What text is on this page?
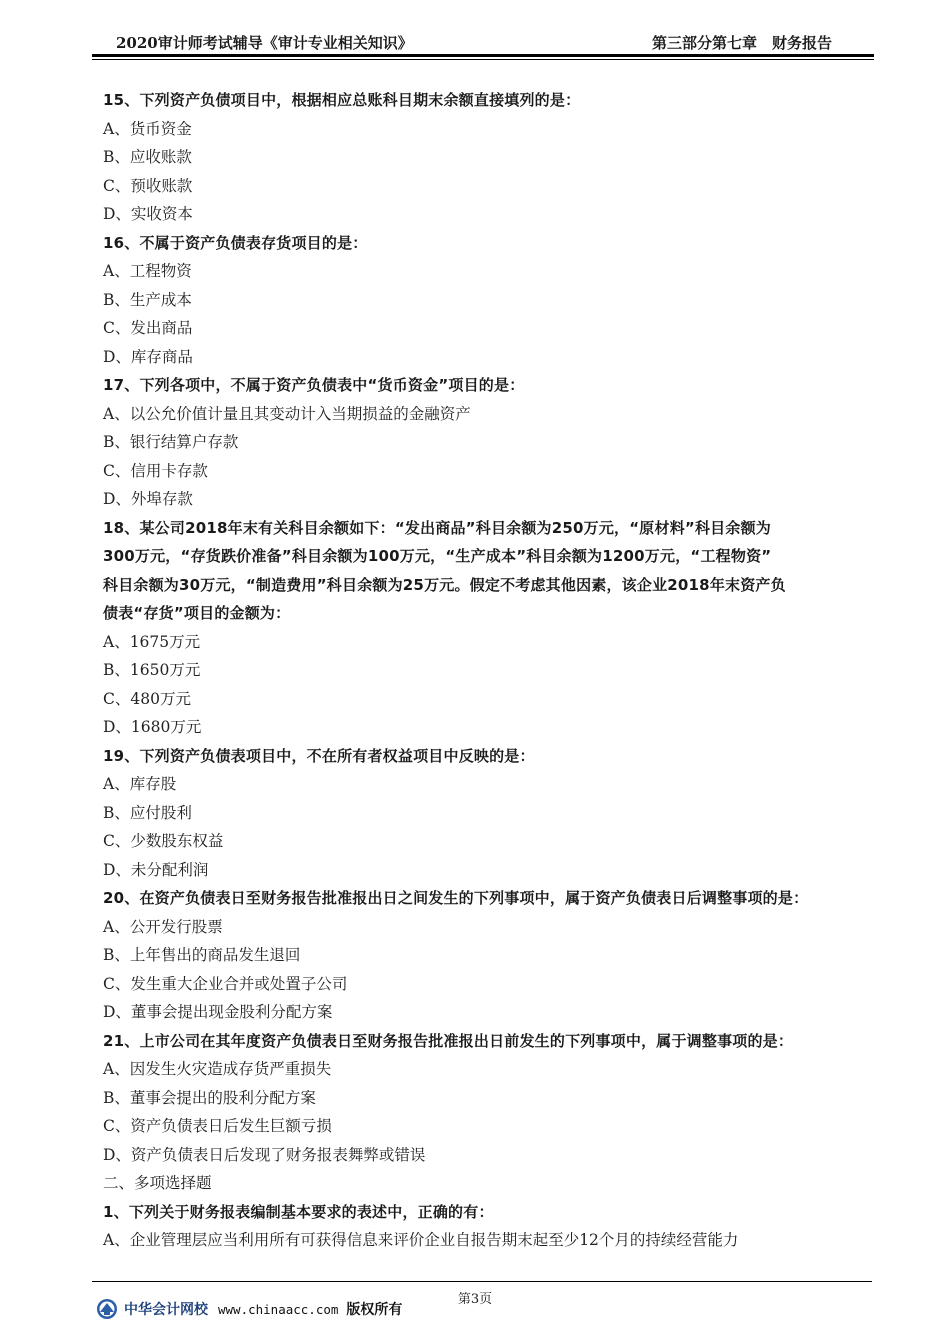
2020审计师考试辅导《审计专业相关知识》	第三部分第七章　财务报告
15、下列资产负债项目中，根据相应总账科目期末余额直接填列的是：
A、货币资金
B、应收账款
C、预收账款
D、实收资本
16、不属于资产负债表存货项目的是：
A、工程物资
B、生产成本
C、发出商品
D、库存商品
17、下列各项中，不属于资产负债表中“货币资金”项目的是：
A、以公允价值计量且其变动计入当期损益的金融资产
B、银行结算户存款
C、信用卡存款
D、外埠存款
18、某公司2018年末有关科目余额如下：“发出商品”科目余额为250万元，“原材料”科目余额为
300万元，“存货跌价准备”科目余额为100万元，“生产成本”科目余额为1200万元，“工程物资”
科目余额为30万元，“制造费用”科目余额为25万元。假定不考虑其他因素，该企业2018年末资产负
债表“存货”项目的金额为：
A、1675万元
B、1650万元
C、480万元
D、1680万元
19、下列资产负债表项目中，不在所有者权益项目中反映的是：
A、库存股
B、应付股利
C、少数股东权益
D、未分配利润
20、在资产负债表日至财务报告批准报出日之间发生的下列事项中，属于资产负债表日后调整事项的是：
A、公开发行股票
B、上年售出的商品发生退回
C、发生重大企业合并或处置子公司
D、董事会提出现金股利分配方案
21、上市公司在其年度资产负债表日至财务报告批准报出日前发生的下列事项中，属于调整事项的是：
A、因发生火灾造成存货严重损失
B、董事会提出的股利分配方案
C、资产负债表日后发生巨额亏损
D、资产负债表日后发现了财务报表舞弊或错误
二、多项选择题
1、下列关于财务报表编制基本要求的表述中，正确的有：
A、企业管理层应当利用所有可获得信息来评价企业自报告期末起至少12个月的持续经营能力
第3页
中华会计网校 www.chinaacc.com 版权所有
